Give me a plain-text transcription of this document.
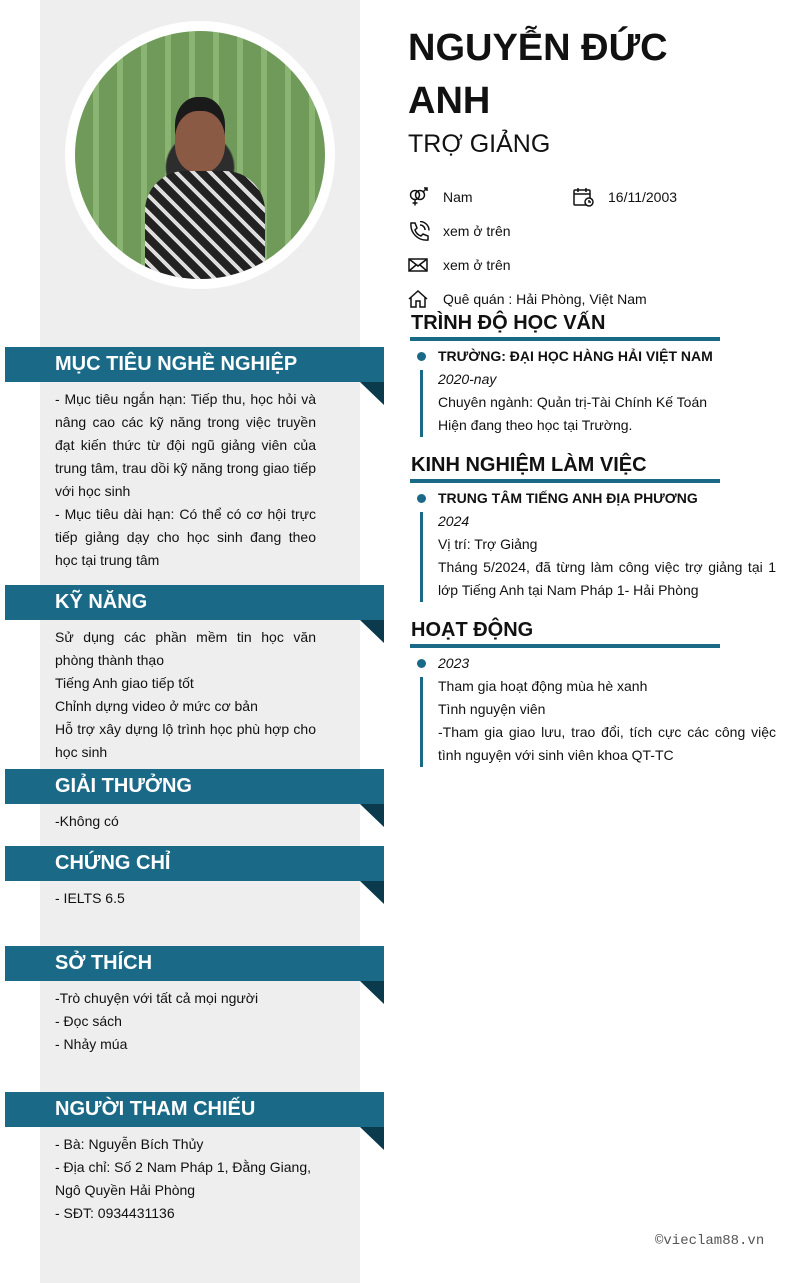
MỤC TIÊU NGHỀ NGHIỆP
- Mục tiêu ngắn hạn: Tiếp thu, học hỏi và nâng cao các kỹ năng trong việc truyền đạt kiến thức từ đội ngũ giảng viên của trung tâm, trau dồi kỹ năng trong giao tiếp với học sinh
- Mục tiêu dài hạn: Có thể có cơ hội trực tiếp giảng dạy cho học sinh đang theo học tại trung tâm
KỸ NĂNG
Sử dụng các phần mềm tin học văn phòng thành thạo
Tiếng Anh giao tiếp tốt
Chỉnh dựng video ở mức cơ bản
Hỗ trợ xây dựng lộ trình học phù hợp cho học sinh
GIẢI THƯỞNG
-Không có
CHỨNG CHỈ
- IELTS 6.5
SỞ THÍCH
-Trò chuyện với tất cả mọi người
- Đọc sách
- Nhảy múa
NGƯỜI THAM CHIẾU
- Bà: Nguyễn Bích Thủy
- Địa chỉ: Số 2 Nam Pháp 1, Đằng Giang, Ngô Quyền Hải Phòng
- SĐT: 0934431136
NGUYỄN ĐỨC
ANH
TRỢ GIẢNG
Nam	16/11/2003
xem ở trên
xem ở trên
Quê quán : Hải Phòng, Việt Nam
TRÌNH ĐỘ HỌC VẤN
TRƯỜNG: ĐẠI HỌC HÀNG HẢI VIỆT NAM
2020-nay
Chuyên ngành: Quản trị-Tài Chính Kế Toán
Hiện đang theo học tại Trường.
KINH NGHIỆM LÀM VIỆC
TRUNG TÂM TIẾNG ANH ĐỊA PHƯƠNG
2024
Vị trí: Trợ Giảng
Tháng 5/2024, đã từng làm công việc trợ giảng tại 1 lớp Tiếng Anh tại Nam Pháp 1- Hải Phòng
HOẠT ĐỘNG
2023
Tham gia hoạt động mùa hè xanh
Tình nguyện viên
-Tham gia giao lưu, trao đổi, tích cực các công việc tình nguyện với sinh viên khoa QT-TC
©vieclam88.vn
